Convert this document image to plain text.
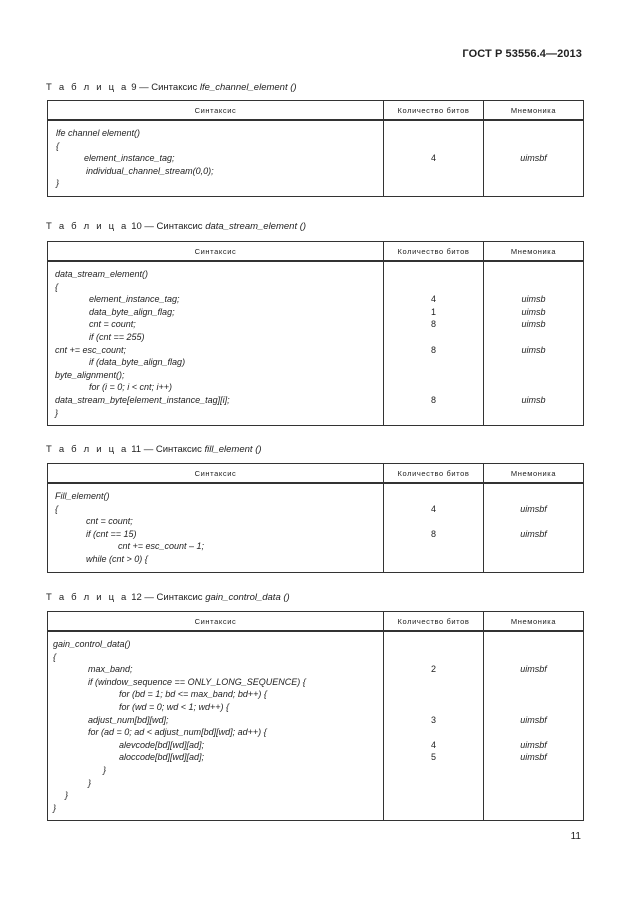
ГОСТ Р 53556.4—2013
Т а б л и ц а 9 — Синтаксис lfe_channel_element ()
Синтаксис	Количество битов	Мнемоника
lfe channel element()		
{		
element_instance_tag;	4	uimsbf
individual_channel_stream(0,0);		
}		
Т а б л и ц а 10 — Синтаксис data_stream_element ()
Синтаксис	Количество битов	Мнемоника
data_stream_element()		
{		
element_instance_tag;	4	uimsb
data_byte_align_flag;	1	uimsb
cnt = count;	8	uimsb
if (cnt == 255)		
cnt += esc_count;	8	uimsb
if (data_byte_align_flag)		
byte_alignment();		
for (i = 0; i < cnt; i++)		
data_stream_byte[element_instance_tag][i];	8	uimsb
}		
Т а б л и ц а 11 — Синтаксис fill_element ()
Синтаксис	Количество битов	Мнемоника
Fill_element()		
{	4	uimsbf
cnt = count;		
if (cnt == 15)	8	uimsbf
cnt += esc_count – 1;		
while (cnt > 0) {		
Т а б л и ц а 12 — Синтаксис gain_control_data ()
Синтаксис	Количество битов	Мнемоника
gain_control_data()		
{		
max_band;	2	uimsbf
if (window_sequence == ONLY_LONG_SEQUENCE) {		
for (bd = 1; bd <= max_band; bd++) {		
for (wd = 0; wd < 1; wd++) {		
adjust_num[bd][wd];	3	uimsbf
for (ad = 0; ad < adjust_num[bd][wd]; ad++) {		
alevcode[bd][wd][ad];	4	uimsbf
aloccode[bd][wd][ad];	5	uimsbf
}		
}		
}		
}		
11
